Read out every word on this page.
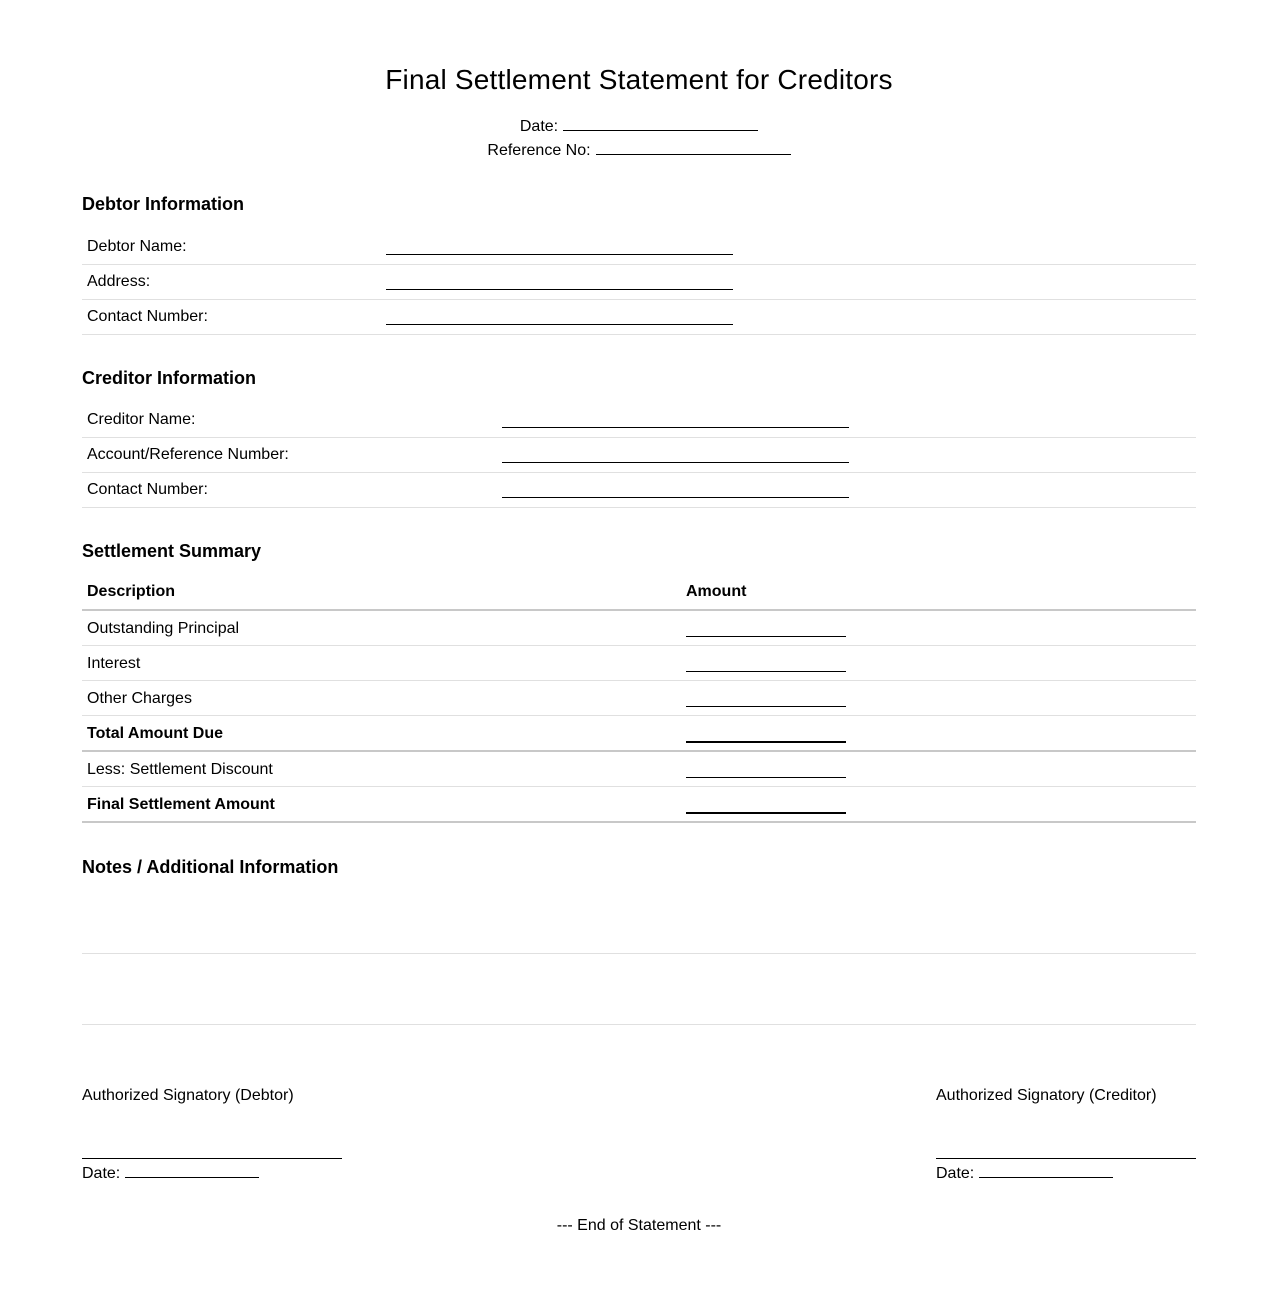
Final Settlement Statement for Creditors
Date:
Reference No:
Debtor Information
Debtor Name:
Address:
Contact Number:
Creditor Information
Creditor Name:
Account/Reference Number:
Contact Number:
Settlement Summary
Description	Amount
Outstanding Principal
Interest
Other Charges
Total Amount Due
Less: Settlement Discount
Final Settlement Amount
Notes / Additional Information
Authorized Signatory (Debtor)
Date:
Authorized Signatory (Creditor)
Date:
--- End of Statement ---
